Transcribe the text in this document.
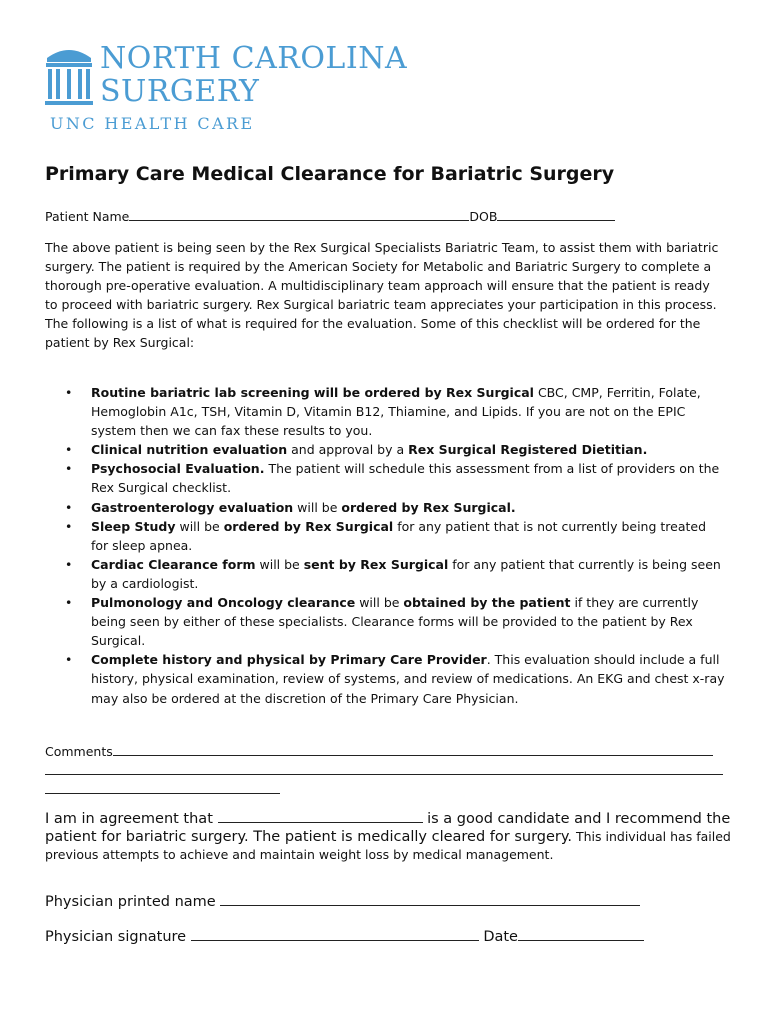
NORTH CAROLINA
SURGERY
UNC HEALTH CARE
Primary Care Medical Clearance for Bariatric Surgery
Patient Name	DOB

The above patient is being seen by the Rex Surgical Specialists Bariatric Team, to assist them with bariatric surgery. The patient is required by the American Society for Metabolic and Bariatric Surgery to complete a thorough pre-operative evaluation. A multidisciplinary team approach will ensure that the patient is ready to proceed with bariatric surgery. Rex Surgical bariatric team appreciates your participation in this process. The following is a list of what is required for the evaluation. Some of this checklist will be ordered for the patient by Rex Surgical:

• Routine bariatric lab screening will be ordered by Rex Surgical CBC, CMP, Ferritin, Folate, Hemoglobin A1c, TSH, Vitamin D, Vitamin B12, Thiamine, and Lipids. If you are not on the EPIC system then we can fax these results to you.
• Clinical nutrition evaluation and approval by a Rex Surgical Registered Dietitian.
• Psychosocial Evaluation. The patient will schedule this assessment from a list of providers on the Rex Surgical checklist.
• Gastroenterology evaluation will be ordered by Rex Surgical.
• Sleep Study will be ordered by Rex Surgical for any patient that is not currently being treated for sleep apnea.
• Cardiac Clearance form will be sent by Rex Surgical for any patient that currently is being seen by a cardiologist.
• Pulmonology and Oncology clearance will be obtained by the patient if they are currently being seen by either of these specialists. Clearance forms will be provided to the patient by Rex Surgical.
• Complete history and physical by Primary Care Provider. This evaluation should include a full history, physical examination, review of systems, and review of medications. An EKG and chest x-ray may also be ordered at the discretion of the Primary Care Physician.
Comments

I am in agreement that	is a good candidate and I recommend the patient for bariatric surgery. The patient is medically cleared for surgery. This individual has failed previous attempts to achieve and maintain weight loss by medical management.

Physician printed name
Physician signature	Date
